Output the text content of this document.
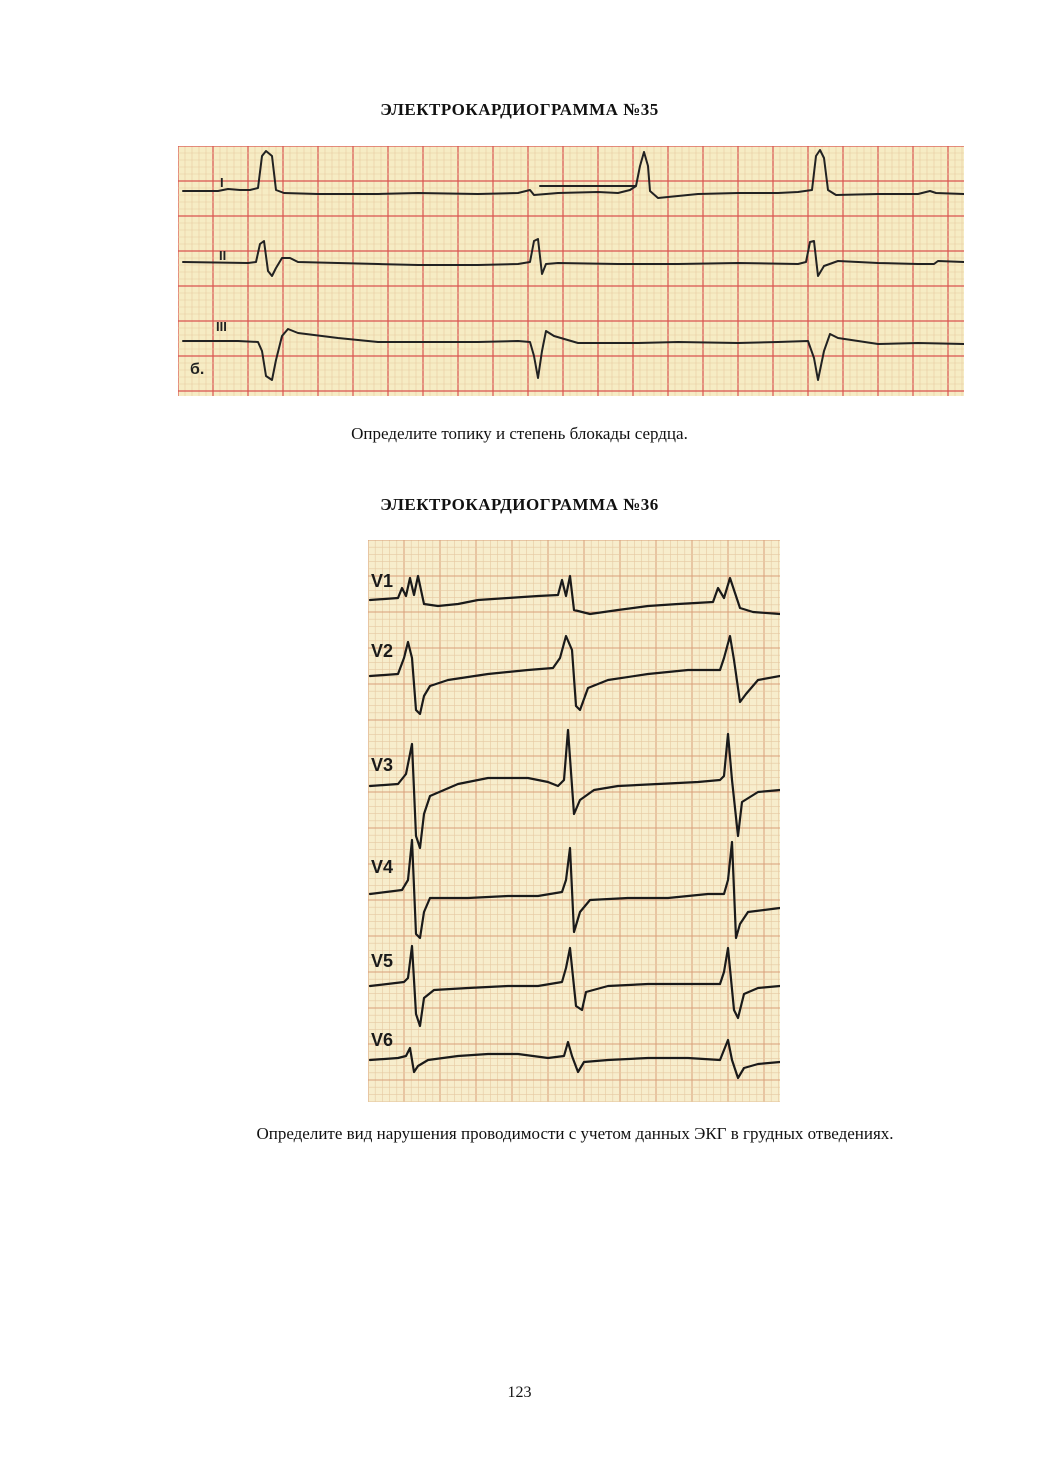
ЭЛЕКТРОКАРДИОГРАММА №35
I
II
III
б.

Определите топику и степень блокады сердца.

ЭЛЕКТРОКАРДИОГРАММА №36
V1
V2
V3
V4
V5
V6

Определите вид нарушения проводимости с учетом данных ЭКГ в грудных отведениях.

123
